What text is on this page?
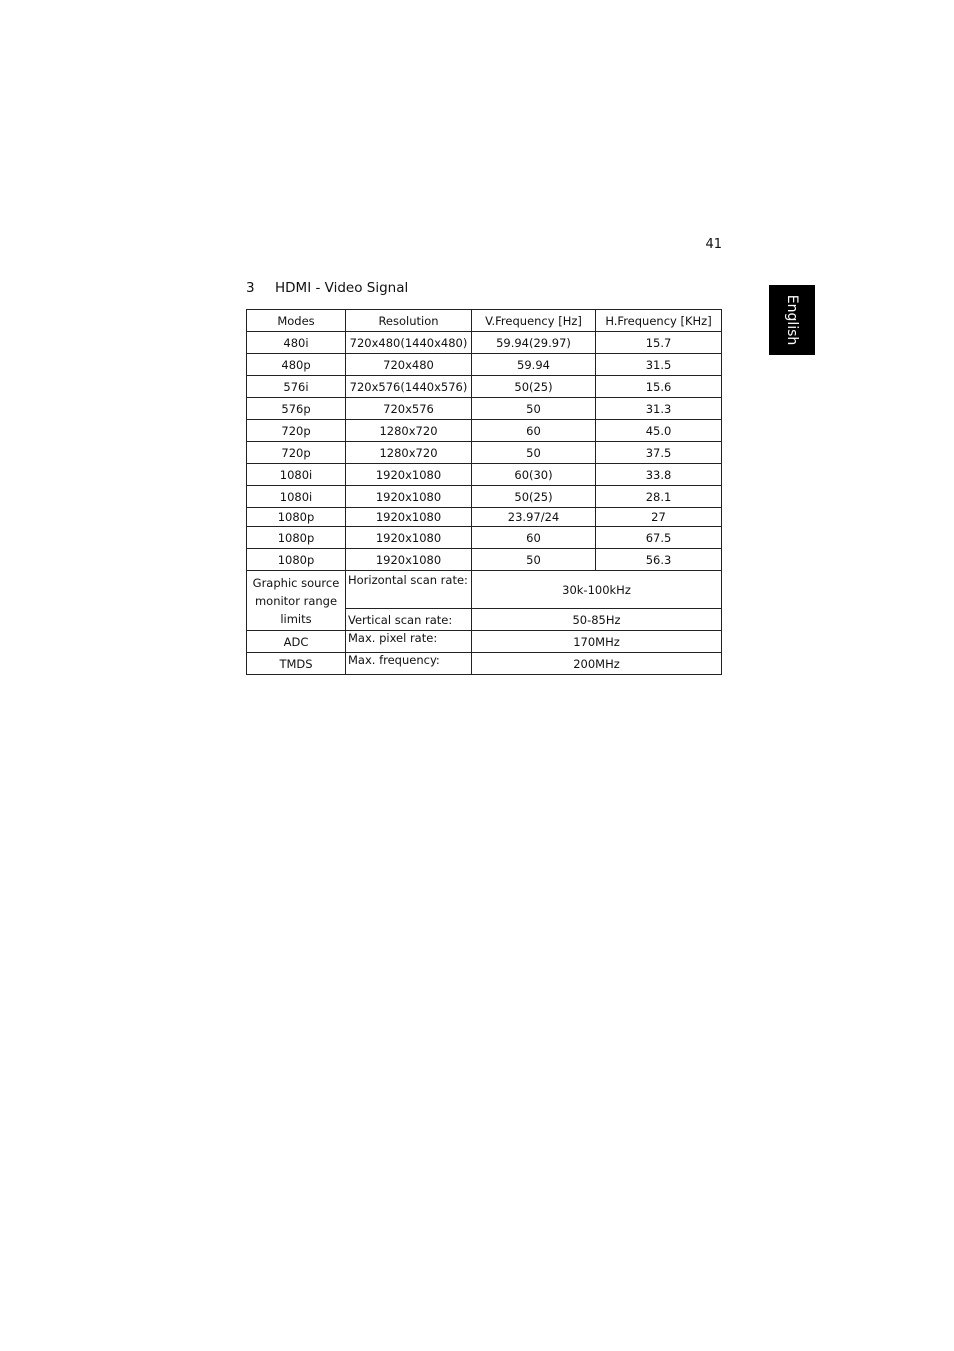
41
English
3 HDMI - Video Signal
Modes	Resolution	V.Frequency [Hz]	H.Frequency [KHz]
480i	720x480(1440x480)	59.94(29.97)	15.7
480p	720x480	59.94	31.5
576i	720x576(1440x576)	50(25)	15.6
576p	720x576	50	31.3
720p	1280x720	60	45.0
720p	1280x720	50	37.5
1080i	1920x1080	60(30)	33.8
1080i	1920x1080	50(25)	28.1
1080p	1920x1080	23.97/24	27
1080p	1920x1080	60	67.5
1080p	1920x1080	50	56.3
Graphic source monitor range limits	Horizontal scan rate:	30k-100kHz	
	Vertical scan rate:	50-85Hz	
ADC	Max. pixel rate:	170MHz	
TMDS	Max. frequency:	200MHz	
